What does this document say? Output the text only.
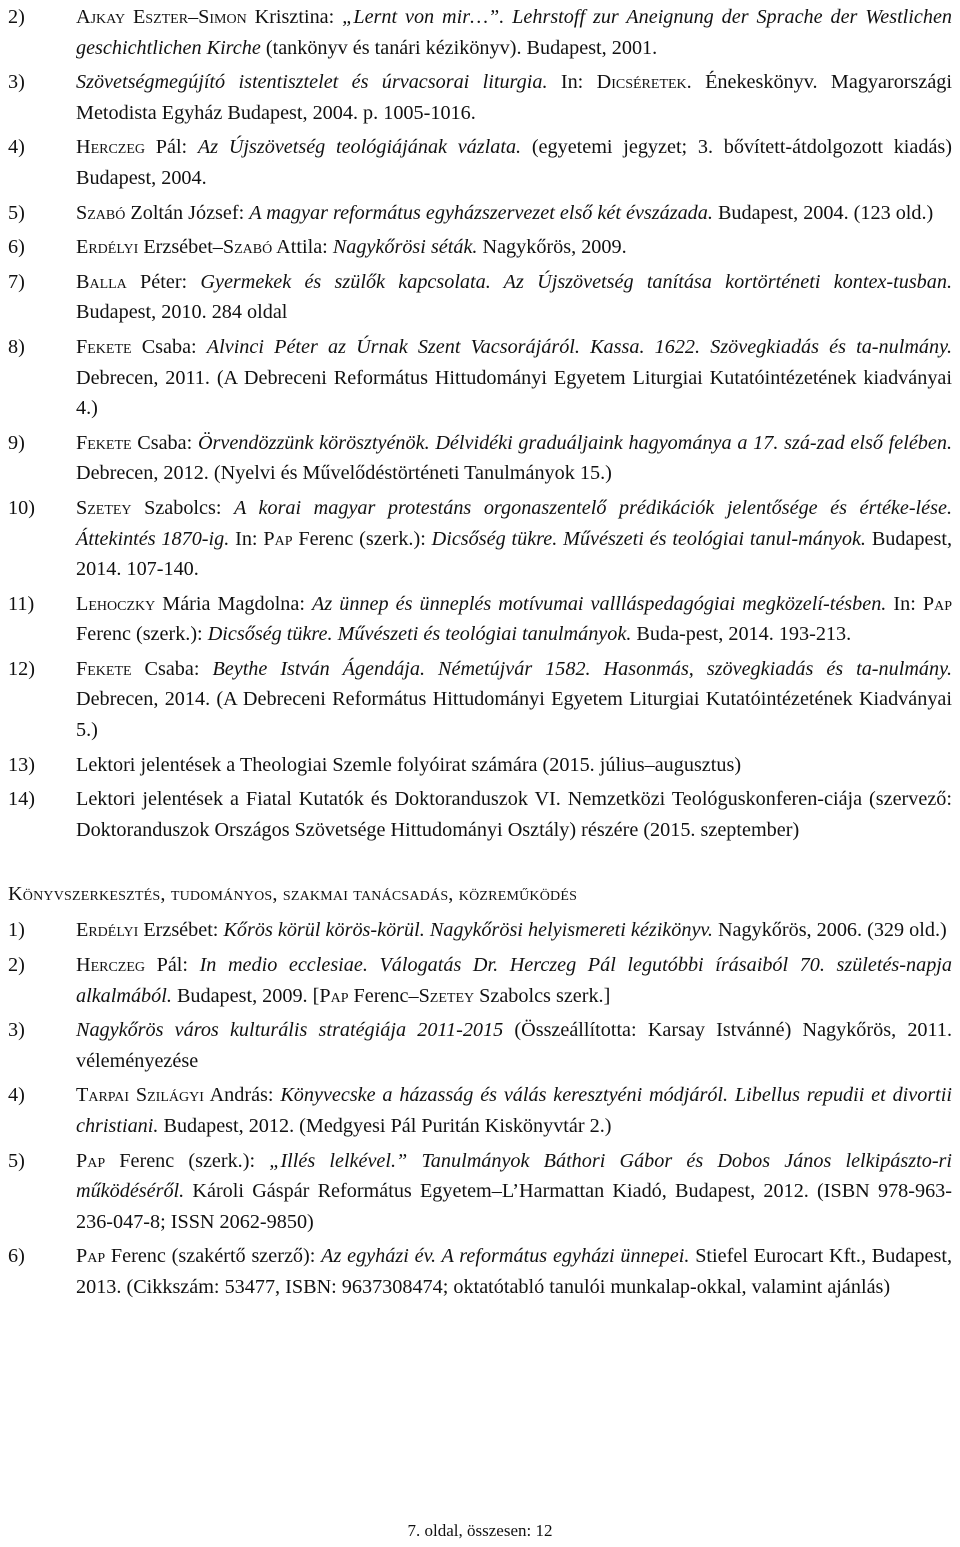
2)	Ajkay Eszter–Simon Krisztina: „Lernt von mir…”. Lehrstoff zur Aneignung der Sprache der Westlichen geschichtlichen Kirche (tankönyv és tanári kézikönyv). Budapest, 2001.
3)	Szövetségmegújító istentisztelet és úrvacsorai liturgia. In: Dicséretek. Énekeskönyv. Magyarországi Metodista Egyház Budapest, 2004. p. 1005-1016.
4)	Herczeg Pál: Az Újszövetség teológiájának vázlata. (egyetemi jegyzet; 3. bővített-átdolgozott kiadás) Budapest, 2004.
5)	Szabó Zoltán József: A magyar református egyházszervezet első két évszázada. Budapest, 2004. (123 old.)
6)	Erdélyi Erzsébet–Szabó Attila: Nagykőrösi séták. Nagykőrös, 2009.
7)	Balla Péter: Gyermekek és szülők kapcsolata. Az Újszövetség tanítása kortörténeti kontex-tusban. Budapest, 2010. 284 oldal
8)	Fekete Csaba: Alvinci Péter az Úrnak Szent Vacsorájáról. Kassa. 1622. Szövegkiadás és ta-nulmány. Debrecen, 2011. (A Debreceni Református Hittudományi Egyetem Liturgiai Kutatóintézetének kiadványai 4.)
9)	Fekete Csaba: Örvendözzünk körösztyénök. Délvidéki graduáljaink hagyománya a 17. szá-zad első felében. Debrecen, 2012. (Nyelvi és Művelődéstörténeti Tanulmányok 15.)
10)	Szetey Szabolcs: A korai magyar protestáns orgonaszentelő prédikációk jelentősége és értéke-lése. Áttekintés 1870-ig. In: Pap Ferenc (szerk.): Dicsőség tükre. Művészeti és teológiai tanul-mányok. Budapest, 2014. 107-140.
11)	Lehoczky Mária Magdolna: Az ünnep és ünneplés motívumai vallláspedagógiai megközelí-tésben. In: Pap Ferenc (szerk.): Dicsőség tükre. Művészeti és teológiai tanulmányok. Buda-pest, 2014. 193-213.
12)	Fekete Csaba: Beythe István Ágendája. Németújvár 1582. Hasonmás, szövegkiadás és ta-nulmány. Debrecen, 2014. (A Debreceni Református Hittudományi Egyetem Liturgiai Kutatóintézetének Kiadványai 5.)
13)	Lektori jelentések a Theologiai Szemle folyóirat számára (2015. július–augusztus)
14)	Lektori jelentések a Fiatal Kutatók és Doktoranduszok VI. Nemzetközi Teológuskonferen-ciája (szervező: Doktoranduszok Országos Szövetsége Hittudományi Osztály) részére (2015. szeptember)
Könyvszerkesztés, tudományos, szakmai tanácsadás, közreműködés
1)	Erdélyi Erzsébet: Kőrös körül körös-körül. Nagykőrösi helyismereti kézikönyv. Nagykőrös, 2006. (329 old.)
2)	Herczeg Pál: In medio ecclesiae. Válogatás Dr. Herczeg Pál legutóbbi írásaiból 70. születés-napja alkalmából. Budapest, 2009. [Pap Ferenc–Szetey Szabolcs szerk.]
3)	Nagykőrös város kulturális stratégiája 2011-2015 (Összeállította: Karsay Istvánné) Nagykőrös, 2011. véleményezése
4)	Tarpai Szilágyi András: Könyvecske a házasság és válás keresztyéni módjáról. Libellus repudii et divortii christiani. Budapest, 2012. (Medgyesi Pál Puritán Kiskönyvtár 2.)
5)	Pap Ferenc (szerk.): „Illés lelkével.” Tanulmányok Báthori Gábor és Dobos János lelkipászto-ri működéséről. Károli Gáspár Református Egyetem–L’Harmattan Kiadó, Budapest, 2012. (ISBN 978-963-236-047-8; ISSN 2062-9850)
6)	Pap Ferenc (szakértő szerző): Az egyházi év. A református egyházi ünnepei. Stiefel Eurocart Kft., Budapest, 2013. (Cikkszám: 53477, ISBN: 9637308474; oktatótabló tanulói munkalap-okkal, valamint ajánlás)
7. oldal, összesen: 12
